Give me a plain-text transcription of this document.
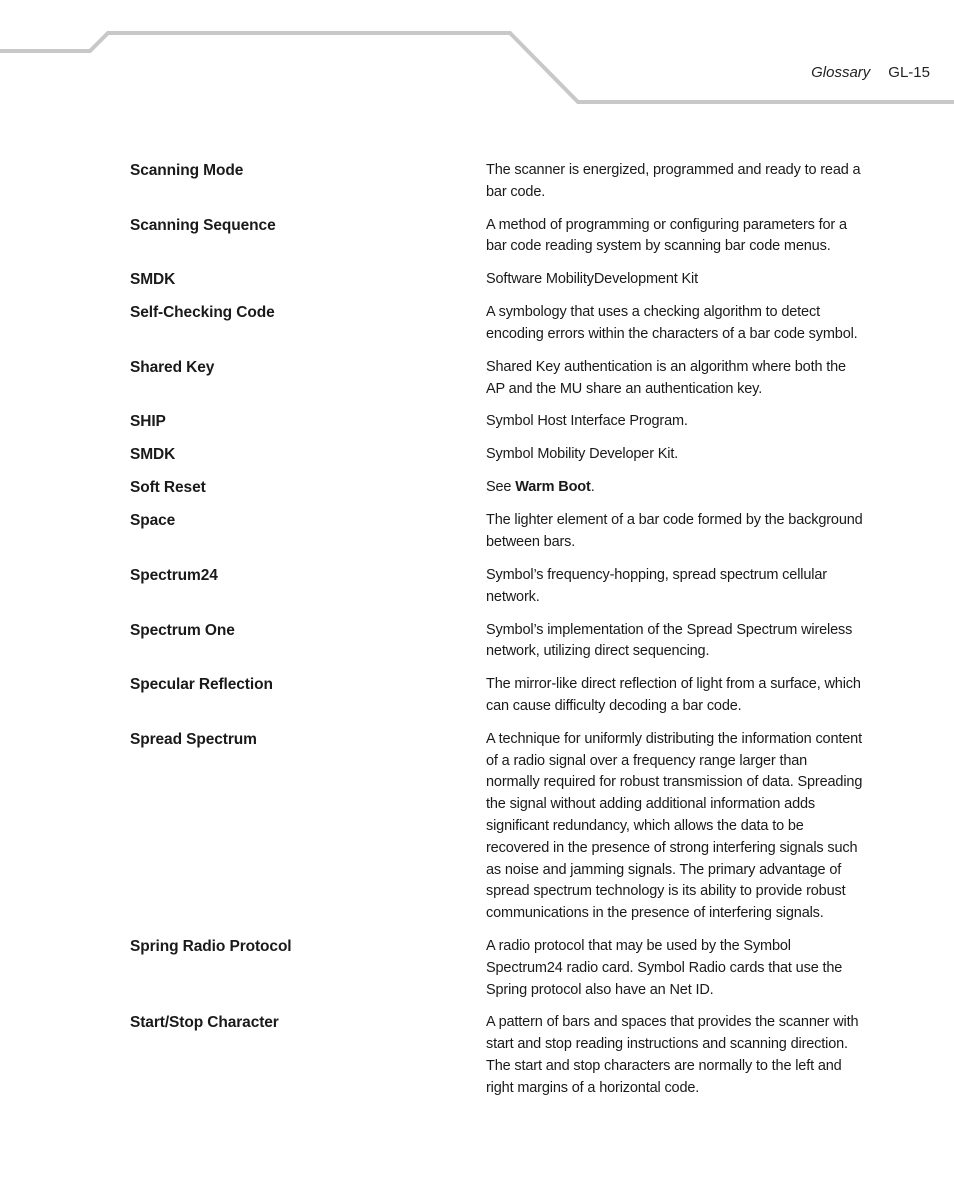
Glossary GL-15
Scanning Mode	The scanner is energized, programmed and ready to read a bar code.
Scanning Sequence	A method of programming or configuring parameters for a bar code reading system by scanning bar code menus.
SMDK	Software MobilityDevelopment Kit
Self-Checking Code	A symbology that uses a checking algorithm to detect encoding errors within the characters of a bar code symbol.
Shared Key	Shared Key authentication is an algorithm where both the AP and the MU share an authentication key.
SHIP	Symbol Host Interface Program.
SMDK	Symbol Mobility Developer Kit.
Soft Reset	See Warm Boot.
Space	The lighter element of a bar code formed by the background between bars.
Spectrum24	Symbol’s frequency-hopping, spread spectrum cellular network.
Spectrum One	Symbol’s implementation of the Spread Spectrum wireless network, utilizing direct sequencing.
Specular Reflection	The mirror-like direct reflection of light from a surface, which can cause difficulty decoding a bar code.
Spread Spectrum	A technique for uniformly distributing the information content of a radio signal over a frequency range larger than normally required for robust transmission of data. Spreading the signal without adding additional information adds significant redundancy, which allows the data to be recovered in the presence of strong interfering signals such as noise and jamming signals. The primary advantage of spread spectrum technology is its ability to provide robust communications in the presence of interfering signals.
Spring Radio Protocol	A radio protocol that may be used by the Symbol Spectrum24 radio card. Symbol Radio cards that use the Spring protocol also have an Net ID.
Start/Stop Character	A pattern of bars and spaces that provides the scanner with start and stop reading instructions and scanning direction. The start and stop characters are normally to the left and right margins of a horizontal code.
